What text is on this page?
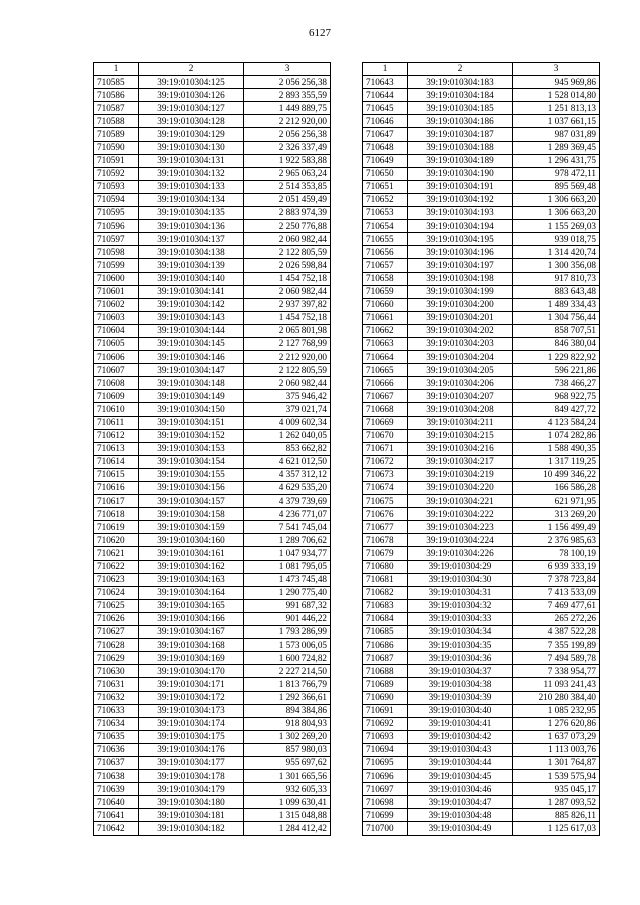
6127
1	2	3
710585	39:19:010304:125	2 056 256,38
710586	39:19:010304:126	2 893 355,59
710587	39:19:010304:127	1 449 889,75
710588	39:19:010304:128	2 212 920,00
710589	39:19:010304:129	2 056 256,38
710590	39:19:010304:130	2 326 337,49
710591	39:19:010304:131	1 922 583,88
710592	39:19:010304:132	2 965 063,24
710593	39:19:010304:133	2 514 353,85
710594	39:19:010304:134	2 051 459,49
710595	39:19:010304:135	2 883 974,39
710596	39:19:010304:136	2 250 776,88
710597	39:19:010304:137	2 060 982,44
710598	39:19:010304:138	2 122 805,59
710599	39:19:010304:139	2 026 598,84
710600	39:19:010304:140	1 454 752,18
710601	39:19:010304:141	2 060 982,44
710602	39:19:010304:142	2 937 397,82
710603	39:19:010304:143	1 454 752,18
710604	39:19:010304:144	2 065 801,98
710605	39:19:010304:145	2 127 768,99
710606	39:19:010304:146	2 212 920,00
710607	39:19:010304:147	2 122 805,59
710608	39:19:010304:148	2 060 982,44
710609	39:19:010304:149	375 946,42
710610	39:19:010304:150	379 021,74
710611	39:19:010304:151	4 009 602,34
710612	39:19:010304:152	1 262 040,05
710613	39:19:010304:153	853 662,82
710614	39:19:010304:154	4 621 012,50
710615	39:19:010304:155	4 357 312,12
710616	39:19:010304:156	4 629 535,20
710617	39:19:010304:157	4 379 739,69
710618	39:19:010304:158	4 236 771,07
710619	39:19:010304:159	7 541 745,04
710620	39:19:010304:160	1 289 706,62
710621	39:19:010304:161	1 047 934,77
710622	39:19:010304:162	1 081 795,05
710623	39:19:010304:163	1 473 745,48
710624	39:19:010304:164	1 290 775,40
710625	39:19:010304:165	991 687,32
710626	39:19:010304:166	901 446,22
710627	39:19:010304:167	1 793 286,99
710628	39:19:010304:168	1 573 006,05
710629	39:19:010304:169	1 600 724,82
710630	39:19:010304:170	2 227 214,50
710631	39:19:010304:171	1 813 766,79
710632	39:19:010304:172	1 292 366,61
710633	39:19:010304:173	894 384,86
710634	39:19:010304:174	918 804,93
710635	39:19:010304:175	1 302 269,20
710636	39:19:010304:176	857 980,03
710637	39:19:010304:177	955 697,62
710638	39:19:010304:178	1 301 665,56
710639	39:19:010304:179	932 605,33
710640	39:19:010304:180	1 099 630,41
710641	39:19:010304:181	1 315 048,88
710642	39:19:010304:182	1 284 412,42
1	2	3
710643	39:19:010304:183	945 969,86
710644	39:19:010304:184	1 528 014,80
710645	39:19:010304:185	1 251 813,13
710646	39:19:010304:186	1 037 661,15
710647	39:19:010304:187	987 031,89
710648	39:19:010304:188	1 289 369,45
710649	39:19:010304:189	1 296 431,75
710650	39:19:010304:190	978 472,11
710651	39:19:010304:191	895 569,48
710652	39:19:010304:192	1 306 663,20
710653	39:19:010304:193	1 306 663,20
710654	39:19:010304:194	1 155 269,03
710655	39:19:010304:195	939 018,75
710656	39:19:010304:196	1 314 420,74
710657	39:19:010304:197	1 300 356,08
710658	39:19:010304:198	917 810,73
710659	39:19:010304:199	883 643,48
710660	39:19:010304:200	1 489 334,43
710661	39:19:010304:201	1 304 756,44
710662	39:19:010304:202	858 707,51
710663	39:19:010304:203	846 380,04
710664	39:19:010304:204	1 229 822,92
710665	39:19:010304:205	596 221,86
710666	39:19:010304:206	738 466,27
710667	39:19:010304:207	968 922,75
710668	39:19:010304:208	849 427,72
710669	39:19:010304:211	4 123 584,24
710670	39:19:010304:215	1 074 282,86
710671	39:19:010304:216	1 588 490,35
710672	39:19:010304:217	1 317 119,25
710673	39:19:010304:219	10 499 346,22
710674	39:19:010304:220	166 586,28
710675	39:19:010304:221	621 971,95
710676	39:19:010304:222	313 269,20
710677	39:19:010304:223	1 156 499,49
710678	39:19:010304:224	2 376 985,63
710679	39:19:010304:226	78 100,19
710680	39:19:010304:29	6 939 333,19
710681	39:19:010304:30	7 378 723,84
710682	39:19:010304:31	7 413 533,09
710683	39:19:010304:32	7 469 477,61
710684	39:19:010304:33	265 272,26
710685	39:19:010304:34	4 387 522,28
710686	39:19:010304:35	7 355 199,89
710687	39:19:010304:36	7 494 589,78
710688	39:19:010304:37	7 338 954,77
710689	39:19:010304:38	11 093 241,43
710690	39:19:010304:39	210 280 384,40
710691	39:19:010304:40	1 085 232,95
710692	39:19:010304:41	1 276 620,86
710693	39:19:010304:42	1 637 073,29
710694	39:19:010304:43	1 113 003,76
710695	39:19:010304:44	1 301 764,87
710696	39:19:010304:45	1 539 575,94
710697	39:19:010304:46	935 045,17
710698	39:19:010304:47	1 287 093,52
710699	39:19:010304:48	885 826,11
710700	39:19:010304:49	1 125 617,03
